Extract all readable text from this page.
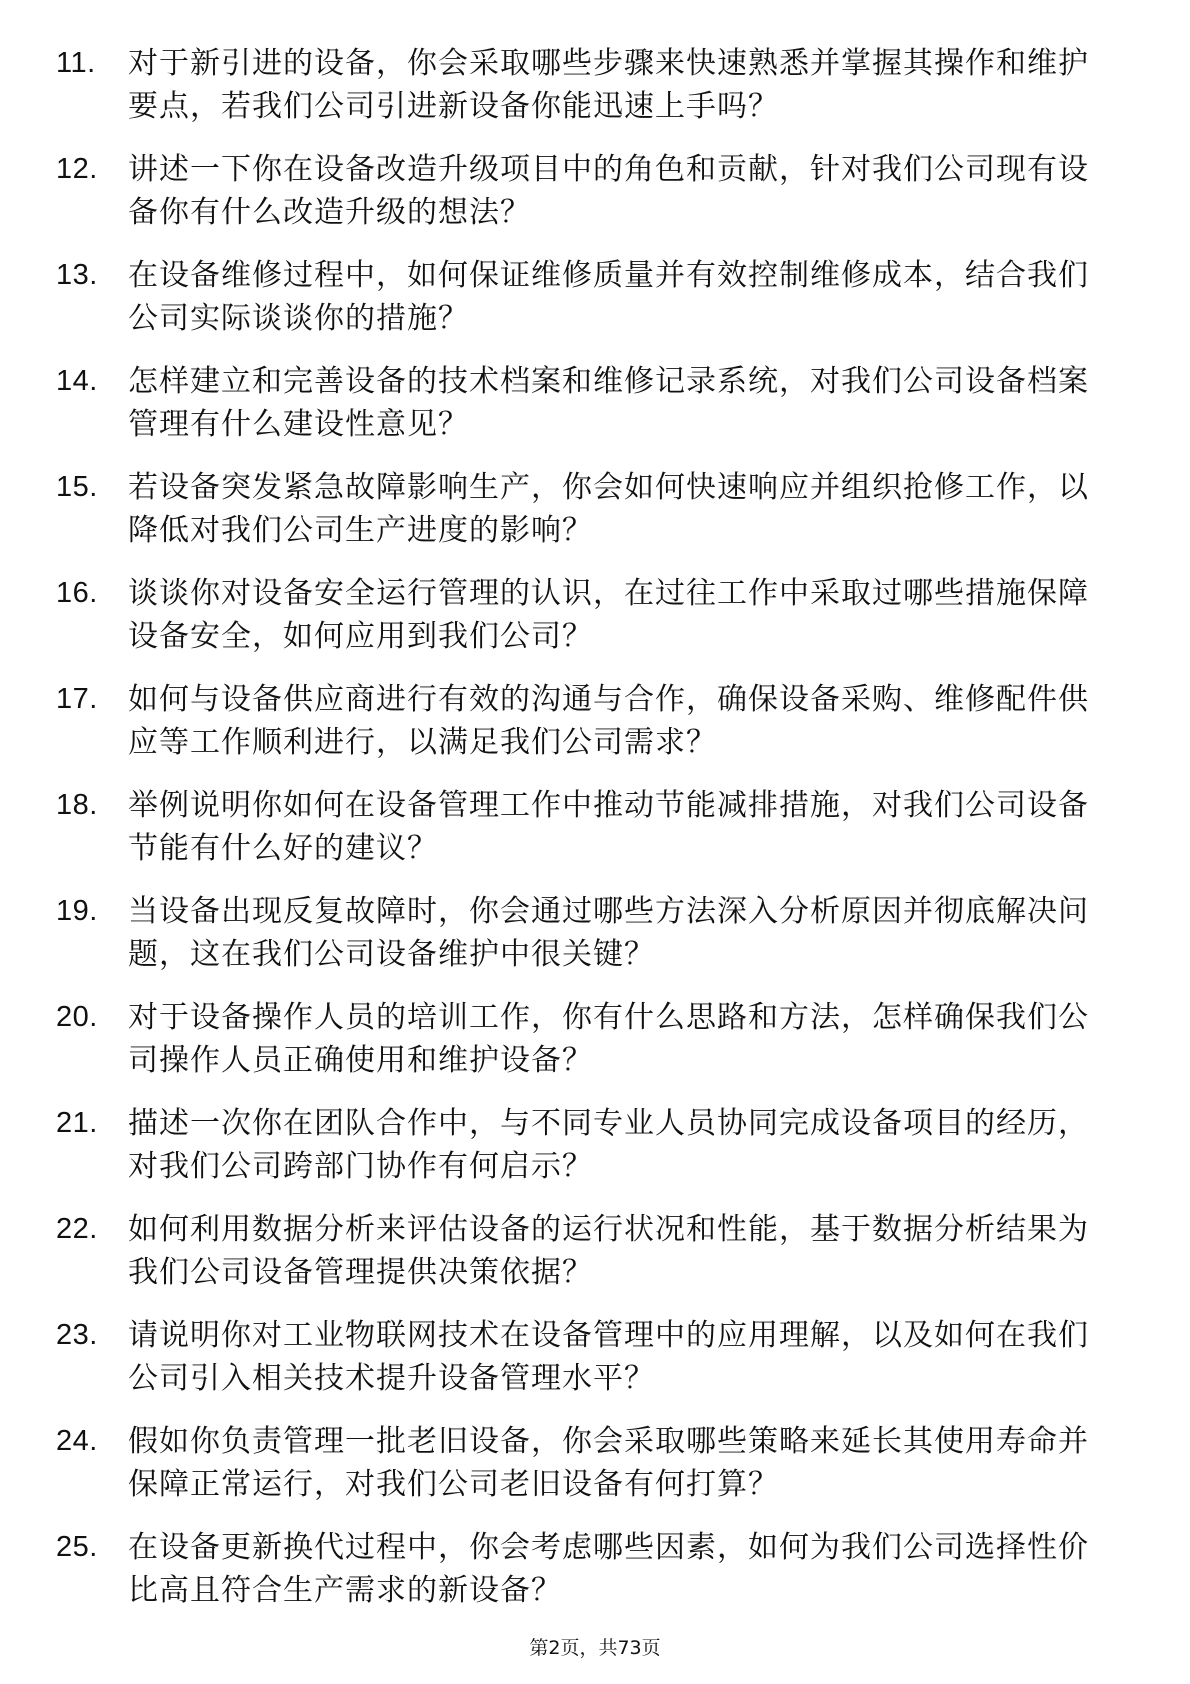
11.	对于新引进的设备，你会采取哪些步骤来快速熟悉并掌握其操作和维护要点，若我们公司引进新设备你能迅速上手吗？
12.	讲述一下你在设备改造升级项目中的角色和贡献，针对我们公司现有设备你有什么改造升级的想法？
13.	在设备维修过程中，如何保证维修质量并有效控制维修成本，结合我们公司实际谈谈你的措施？
14.	怎样建立和完善设备的技术档案和维修记录系统，对我们公司设备档案管理有什么建设性意见？
15.	若设备突发紧急故障影响生产，你会如何快速响应并组织抢修工作，以降低对我们公司生产进度的影响？
16.	谈谈你对设备安全运行管理的认识，在过往工作中采取过哪些措施保障设备安全，如何应用到我们公司？
17.	如何与设备供应商进行有效的沟通与合作，确保设备采购、维修配件供应等工作顺利进行，以满足我们公司需求？
18.	举例说明你如何在设备管理工作中推动节能减排措施，对我们公司设备节能有什么好的建议？
19.	当设备出现反复故障时，你会通过哪些方法深入分析原因并彻底解决问题，这在我们公司设备维护中很关键？
20.	对于设备操作人员的培训工作，你有什么思路和方法，怎样确保我们公司操作人员正确使用和维护设备？
21.	描述一次你在团队合作中，与不同专业人员协同完成设备项目的经历，对我们公司跨部门协作有何启示？
22.	如何利用数据分析来评估设备的运行状况和性能，基于数据分析结果为我们公司设备管理提供决策依据？
23.	请说明你对工业物联网技术在设备管理中的应用理解，以及如何在我们公司引入相关技术提升设备管理水平？
24.	假如你负责管理一批老旧设备，你会采取哪些策略来延长其使用寿命并保障正常运行，对我们公司老旧设备有何打算？
25.	在设备更新换代过程中，你会考虑哪些因素，如何为我们公司选择性价比高且符合生产需求的新设备？
第2页，共73页
